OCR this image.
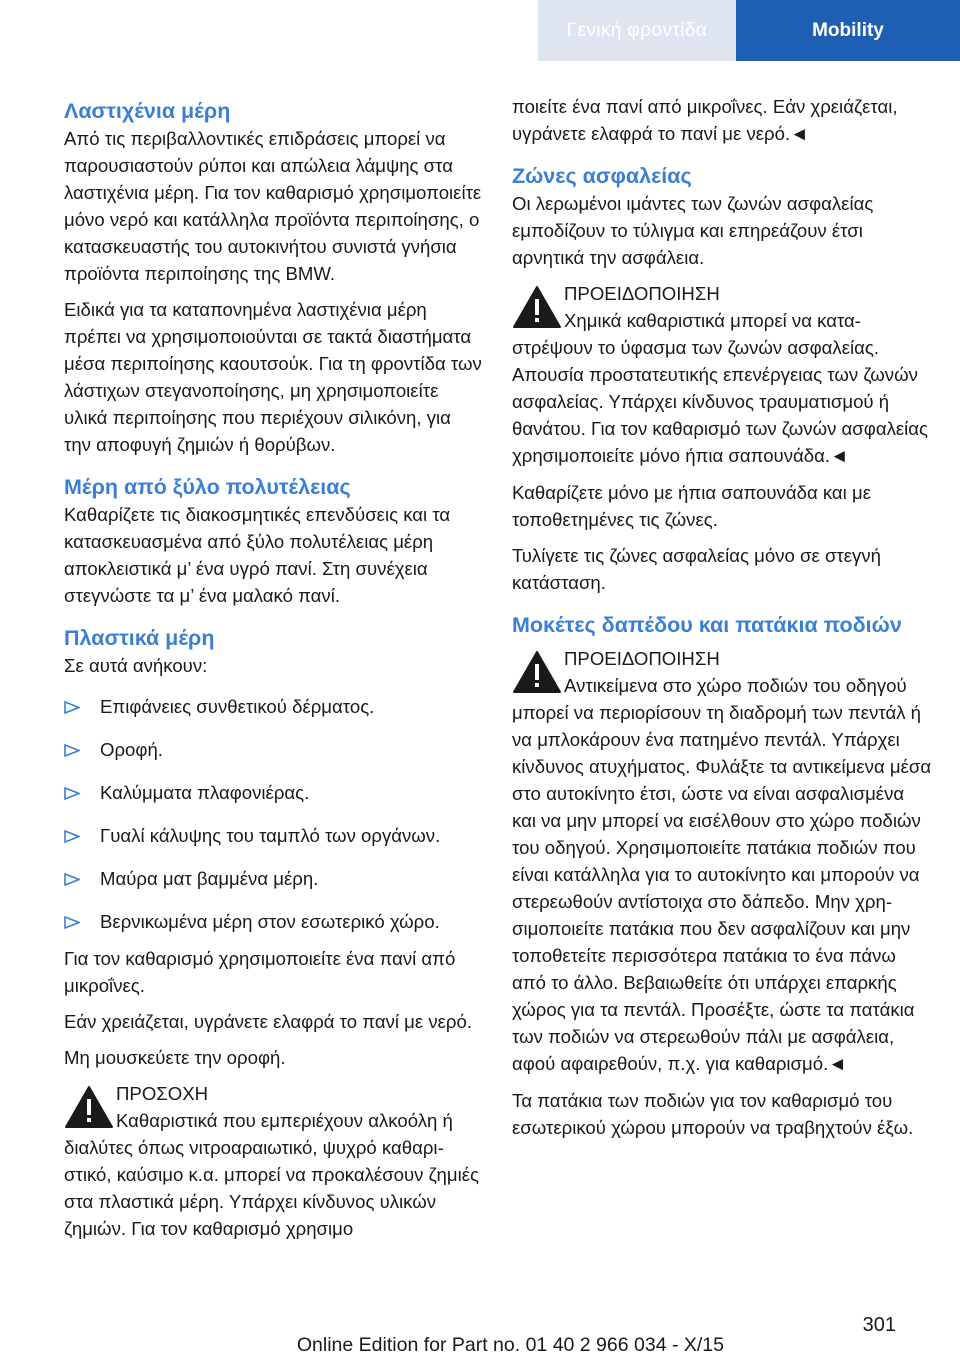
Γενική φροντίδα	Mobility
Λαστιχένια μέρη

Από τις περιβαλλοντικές επιδράσεις μπορεί να παρουσιαστούν ρύποι και απώλεια λάμψης στα λαστιχένια μέρη. Για τον καθαρισμό χρησιμοποιείτε μόνο νερό και κατάλληλα προϊόντα περιποίησης, ο κατασκευαστής του αυτοκινήτου συνιστά γνήσια προϊόντα περιποίησης της BMW.

Ειδικά για τα καταπονημένα λαστιχένια μέρη πρέπει να χρησιμοποιούνται σε τακτά διαστήματα μέσα περιποίησης καουτσούκ. Για τη φροντίδα των λάστιχων στεγανοποίησης, μη χρησιμοποιείτε υλικά περιποίησης που περιέχουν σιλικόνη, για την αποφυγή ζημιών ή θορύβων.

Μέρη από ξύλο πολυτέλειας

Καθαρίζετε τις διακοσμητικές επενδύσεις και τα κατασκευασμένα από ξύλο πολυτέλειας μέρη αποκλειστικά μ’ ένα υγρό πανί. Στη συνέχεια στεγνώστε τα μ’ ένα μαλακό πανί.

Πλαστικά μέρη

Σε αυτά ανήκουν:

Επιφάνειες συνθετικού δέρματος.
Οροφή.
Καλύμματα πλαφονιέρας.
Γυαλί κάλυψης του ταμπλό των οργάνων.
Μαύρα ματ βαμμένα μέρη.
Βερνικωμένα μέρη στον εσωτερικό χώρο.

Για τον καθαρισμό χρησιμοποιείτε ένα πανί από μικροΐνες.

Εάν χρειάζεται, υγράνετε ελαφρά το πανί με νερό.

Μη μουσκεύετε την οροφή.

ΠΡΟΣΟΧΗ

Καθαριστικά που εμπεριέχουν αλκοόλη ή διαλύτες όπως νιτροαραιωτικό, ψυχρό καθαριστικό, καύσιμο κ.α. μπορεί να προκαλέσουν ζημιές στα πλαστικά μέρη. Υπάρχει κίνδυνος υλικών ζημιών. Για τον καθαρισμό χρησιμο

ποιείτε ένα πανί από μικροΐνες. Εάν χρειάζεται, υγράνετε ελαφρά το πανί με νερό.◄

Ζώνες ασφαλείας

Οι λερωμένοι ιμάντες των ζωνών ασφαλείας εμποδίζουν το τύλιγμα και επηρεάζουν έτσι αρνητικά την ασφάλεια.

ΠΡΟΕΙΔΟΠΟΙΗΣΗ

Χημικά καθαριστικά μπορεί να καταστρέψουν το ύφασμα των ζωνών ασφαλείας. Απουσία προστατευτικής επενέργειας των ζωνών ασφαλείας. Υπάρχει κίνδυνος τραυματισμού ή θανάτου. Για τον καθαρισμό των ζωνών ασφαλείας χρησιμοποιείτε μόνο ήπια σαπουνάδα.◄

Καθαρίζετε μόνο με ήπια σαπουνάδα και με τοποθετημένες τις ζώνες.

Τυλίγετε τις ζώνες ασφαλείας μόνο σε στεγνή κατάσταση.

Μοκέτες δαπέδου και πατάκια ποδιών
ΠΡΟΕΙΔΟΠΟΙΗΣΗ

Αντικείμενα στο χώρο ποδιών του οδηγού μπορεί να περιορίσουν τη διαδρομή των πεντάλ ή να μπλοκάρουν ένα πατημένο πεντάλ. Υπάρχει κίνδυνος ατυχήματος. Φυλάξτε τα αντικείμενα μέσα στο αυτοκίνητο έτσι, ώστε να είναι ασφαλισμένα και να μην μπορεί να εισέλθουν στο χώρο ποδιών του οδηγού. Χρησιμοποιείτε πατάκια ποδιών που είναι κατάλληλα για το αυτοκίνητο και μπορούν να στερεωθούν αντίστοιχα στο δάπεδο. Μην χρησιμοποιείτε πατάκια που δεν ασφαλίζουν και μην τοποθετείτε περισσότερα πατάκια το ένα πάνω από το άλλο. Βεβαιωθείτε ότι υπάρχει επαρκής χώρος για τα πεντάλ. Προσέξτε, ώστε τα πατάκια των ποδιών να στερεωθούν πάλι με ασφάλεια, αφού αφαιρεθούν, π.χ. για καθαρισμό.◄

Τα πατάκια των ποδιών για τον καθαρισμό του εσωτερικού χώρου μπορούν να τραβηχτούν έξω.

301
Online Edition for Part no. 01 40 2 966 034 - X/15
